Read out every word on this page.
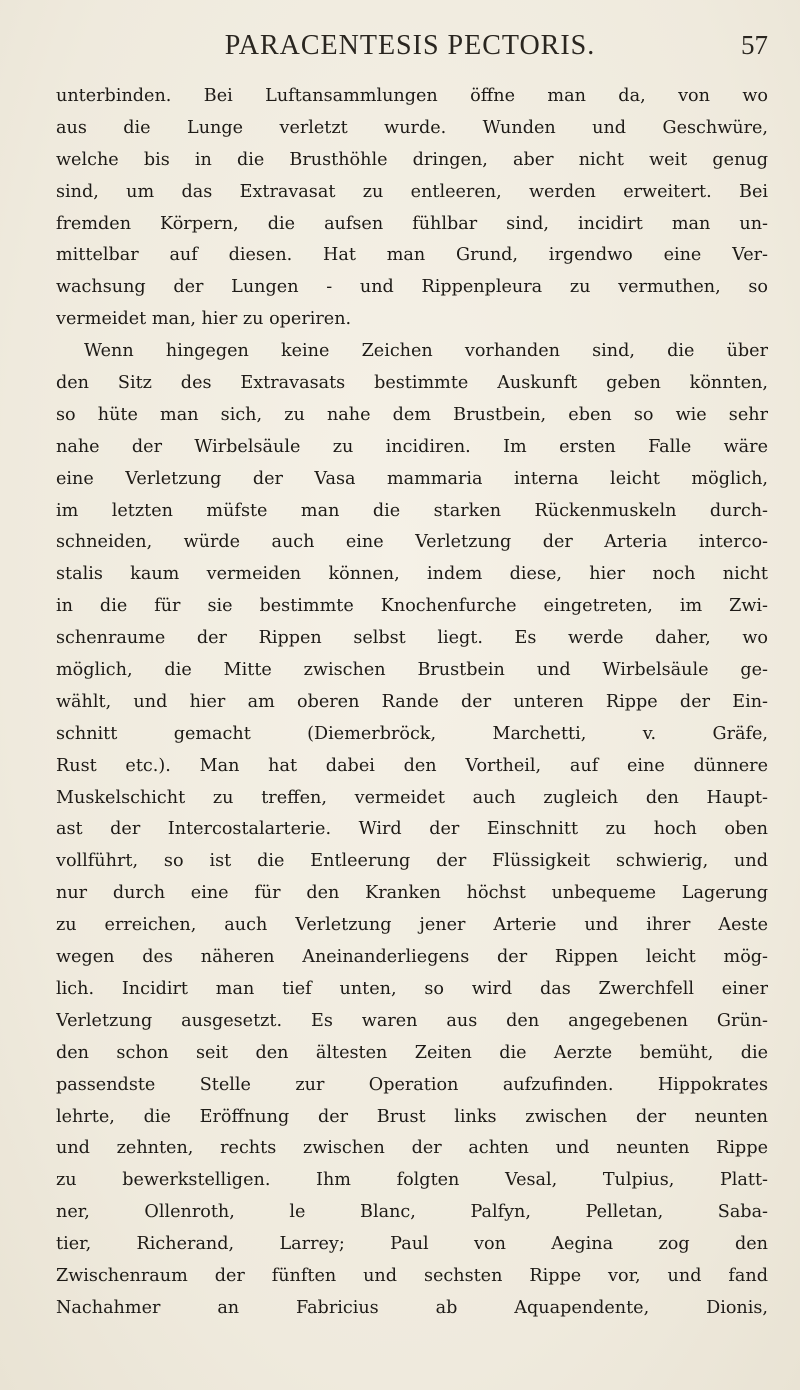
PARACENTESIS PECTORIS.	57
unterbinden. Bei Luftansammlungen öffne man da, von wo
aus die Lunge verletzt wurde. Wunden und Geschwüre,
welche bis in die Brusthöhle dringen, aber nicht weit genug
sind, um das Extravasat zu entleeren, werden erweitert. Bei
fremden Körpern, die aufsen fühlbar sind, incidirt man un-
mittelbar auf diesen. Hat man Grund, irgendwo eine Ver-
wachsung der Lungen - und Rippenpleura zu vermuthen, so
vermeidet man, hier zu operiren.
Wenn hingegen keine Zeichen vorhanden sind, die über
den Sitz des Extravasats bestimmte Auskunft geben könnten,
so hüte man sich, zu nahe dem Brustbein, eben so wie sehr
nahe der Wirbelsäule zu incidiren. Im ersten Falle wäre
eine Verletzung der Vasa mammaria interna leicht möglich,
im letzten müfste man die starken Rückenmuskeln durch-
schneiden, würde auch eine Verletzung der Arteria interco-
stalis kaum vermeiden können, indem diese, hier noch nicht
in die für sie bestimmte Knochenfurche eingetreten, im Zwi-
schenraume der Rippen selbst liegt. Es werde daher, wo
möglich, die Mitte zwischen Brustbein und Wirbelsäule ge-
wählt, und hier am oberen Rande der unteren Rippe der Ein-
schnitt gemacht (Diemerbröck, Marchetti, v. Gräfe,
Rust etc.). Man hat dabei den Vortheil, auf eine dünnere
Muskelschicht zu treffen, vermeidet auch zugleich den Haupt-
ast der Intercostalarterie. Wird der Einschnitt zu hoch oben
vollführt, so ist die Entleerung der Flüssigkeit schwierig, und
nur durch eine für den Kranken höchst unbequeme Lagerung
zu erreichen, auch Verletzung jener Arterie und ihrer Aeste
wegen des näheren Aneinanderliegens der Rippen leicht mög-
lich. Incidirt man tief unten, so wird das Zwerchfell einer
Verletzung ausgesetzt. Es waren aus den angegebenen Grün-
den schon seit den ältesten Zeiten die Aerzte bemüht, die
passendste Stelle zur Operation aufzufinden. Hippokrates
lehrte, die Eröffnung der Brust links zwischen der neunten
und zehnten, rechts zwischen der achten und neunten Rippe
zu bewerkstelligen. Ihm folgten Vesal, Tulpius, Platt-
ner, Ollenroth, le Blanc, Palfyn, Pelletan, Saba-
tier, Richerand, Larrey; Paul von Aegina zog den
Zwischenraum der fünften und sechsten Rippe vor, und fand
Nachahmer an Fabricius ab Aquapendente, Dionis,
